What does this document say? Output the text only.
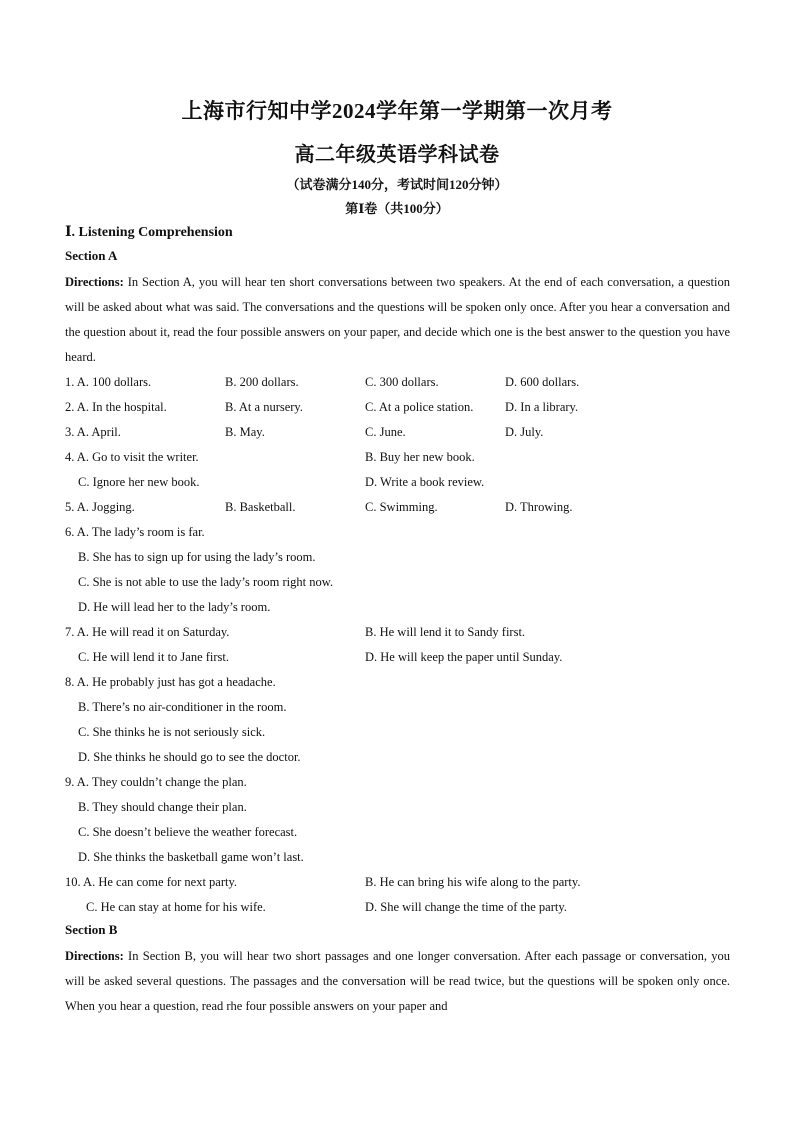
上海市行知中学2024学年第一学期第一次月考
高二年级英语学科试卷
（试卷满分140分，考试时间120分钟）
第Ⅰ卷（共100分）
Ⅰ. Listening Comprehension
Section A
Directions: In Section A, you will hear ten short conversations between two speakers. At the end of each conversation, a question will be asked about what was said. The conversations and the questions will be spoken only once. After you hear a conversation and the question about it, read the four possible answers on your paper, and decide which one is the best answer to the question you have heard.
1. A. 100 dollars.	B. 200 dollars.	C. 300 dollars.	D. 600 dollars.
2. A. In the hospital.	B. At a nursery.	C. At a police station.	D. In a library.
3. A. April.	B. May.	C. June.	D. July.
4. A. Go to visit the writer.	B. Buy her new book.
C. Ignore her new book.	D. Write a book review.
5. A. Jogging.	B. Basketball.	C. Swimming.	D. Throwing.
6. A. The lady’s room is far.
B. She has to sign up for using the lady’s room.
C. She is not able to use the lady’s room right now.
D. He will lead her to the lady’s room.
7. A. He will read it on Saturday.	B. He will lend it to Sandy first.
C. He will lend it to Jane first.	D. He will keep the paper until Sunday.
8. A. He probably just has got a headache.
B. There’s no air-conditioner in the room.
C. She thinks he is not seriously sick.
D. She thinks he should go to see the doctor.
9. A. They couldn’t change the plan.
B. They should change their plan.
C. She doesn’t believe the weather forecast.
D. She thinks the basketball game won’t last.
10. A. He can come for next party.	B. He can bring his wife along to the party.
C. He can stay at home for his wife.	D. She will change the time of the party.
Section B
Directions: In Section B, you will hear two short passages and one longer conversation. After each passage or conversation, you will be asked several questions. The passages and the conversation will be read twice, but the questions will be spoken only once. When you hear a question, read rhe four possible answers on your paper and
